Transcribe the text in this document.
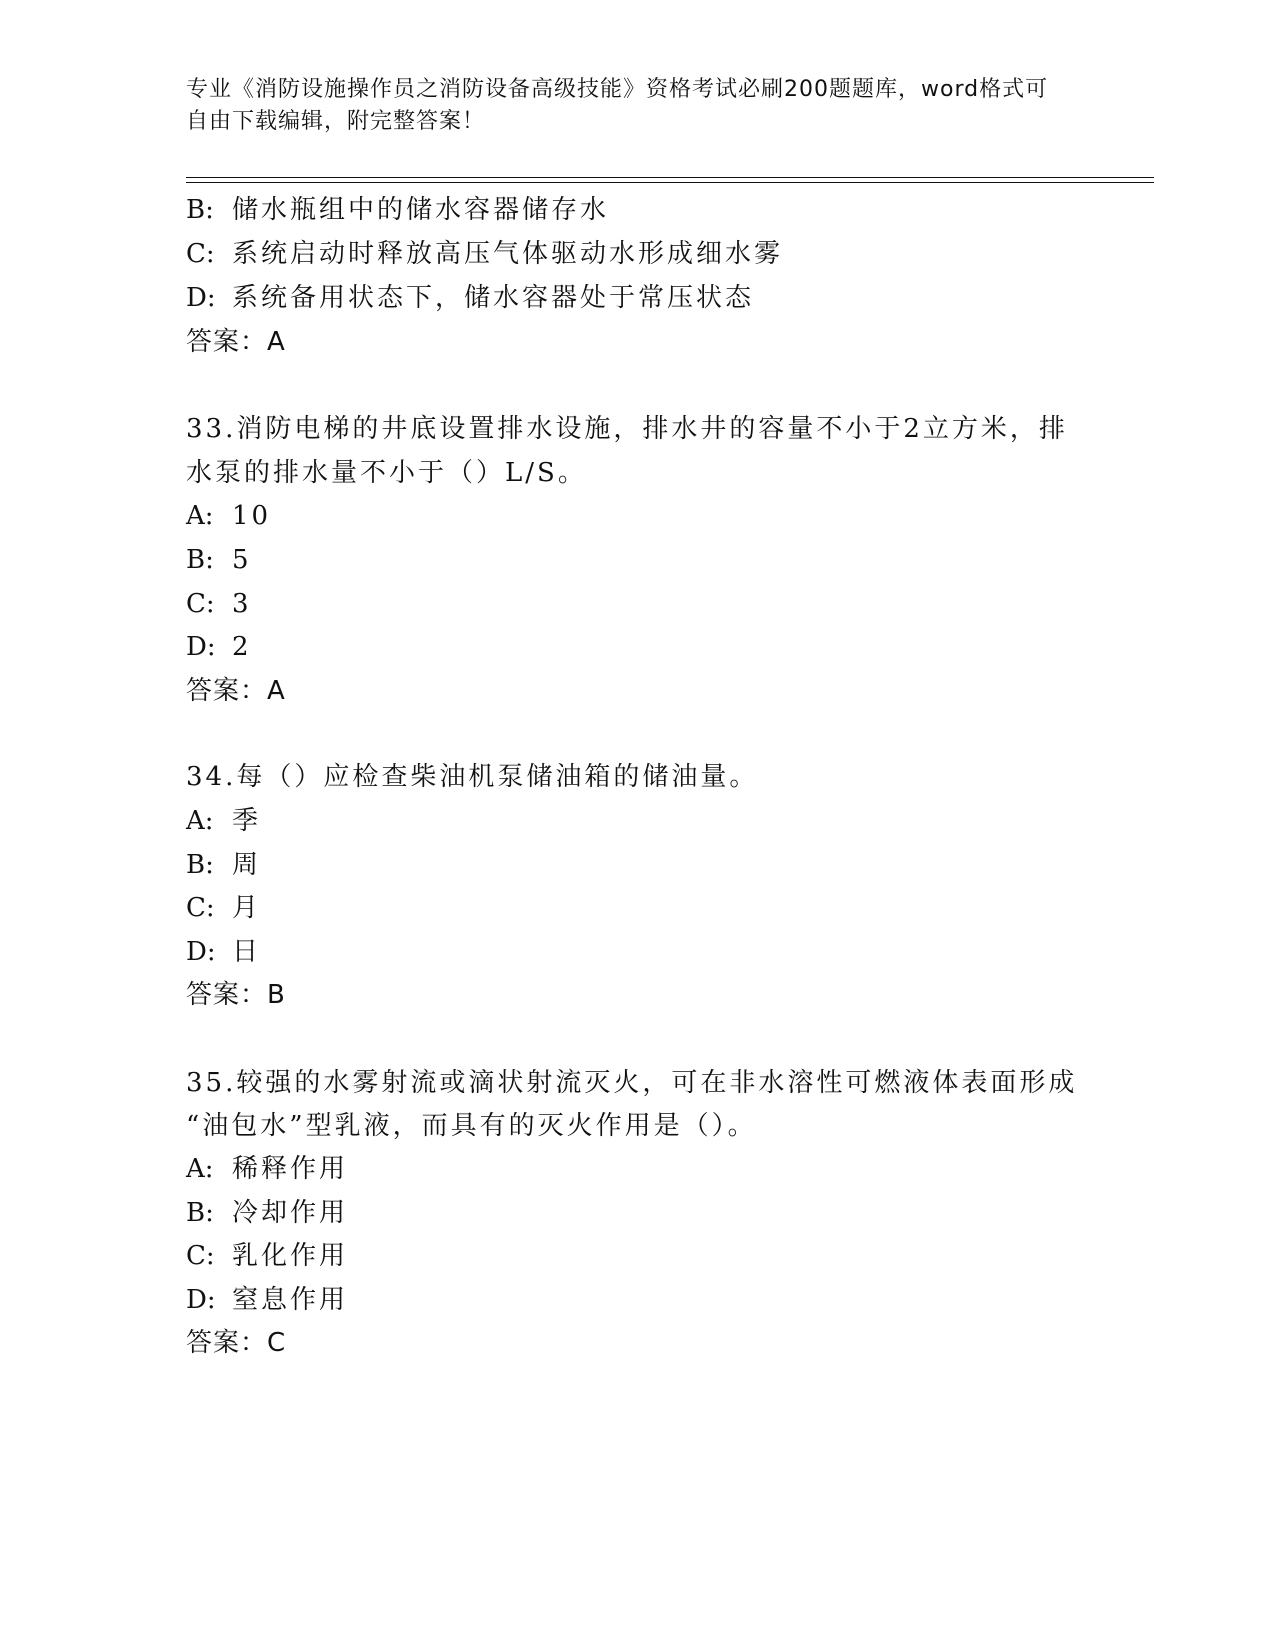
专业《消防设施操作员之消防设备高级技能》资格考试必刷200题题库，word格式可自由下载编辑，附完整答案！
B: 储水瓶组中的储水容器储存水
C: 系统启动时释放高压气体驱动水形成细水雾
D: 系统备用状态下，储水容器处于常压状态
答案：A
33.消防电梯的井底设置排水设施，排水井的容量不小于2立方米，排
水泵的排水量不小于（）L/S。
A: 10
B: 5
C: 3
D: 2
答案：A
34.每（）应检查柴油机泵储油箱的储油量。
A: 季
B: 周
C: 月
D: 日
答案：B
35.较强的水雾射流或滴状射流灭火，可在非水溶性可燃液体表面形成
“油包水”型乳液，而具有的灭火作用是（）。
A: 稀释作用
B: 冷却作用
C: 乳化作用
D: 窒息作用
答案：C
